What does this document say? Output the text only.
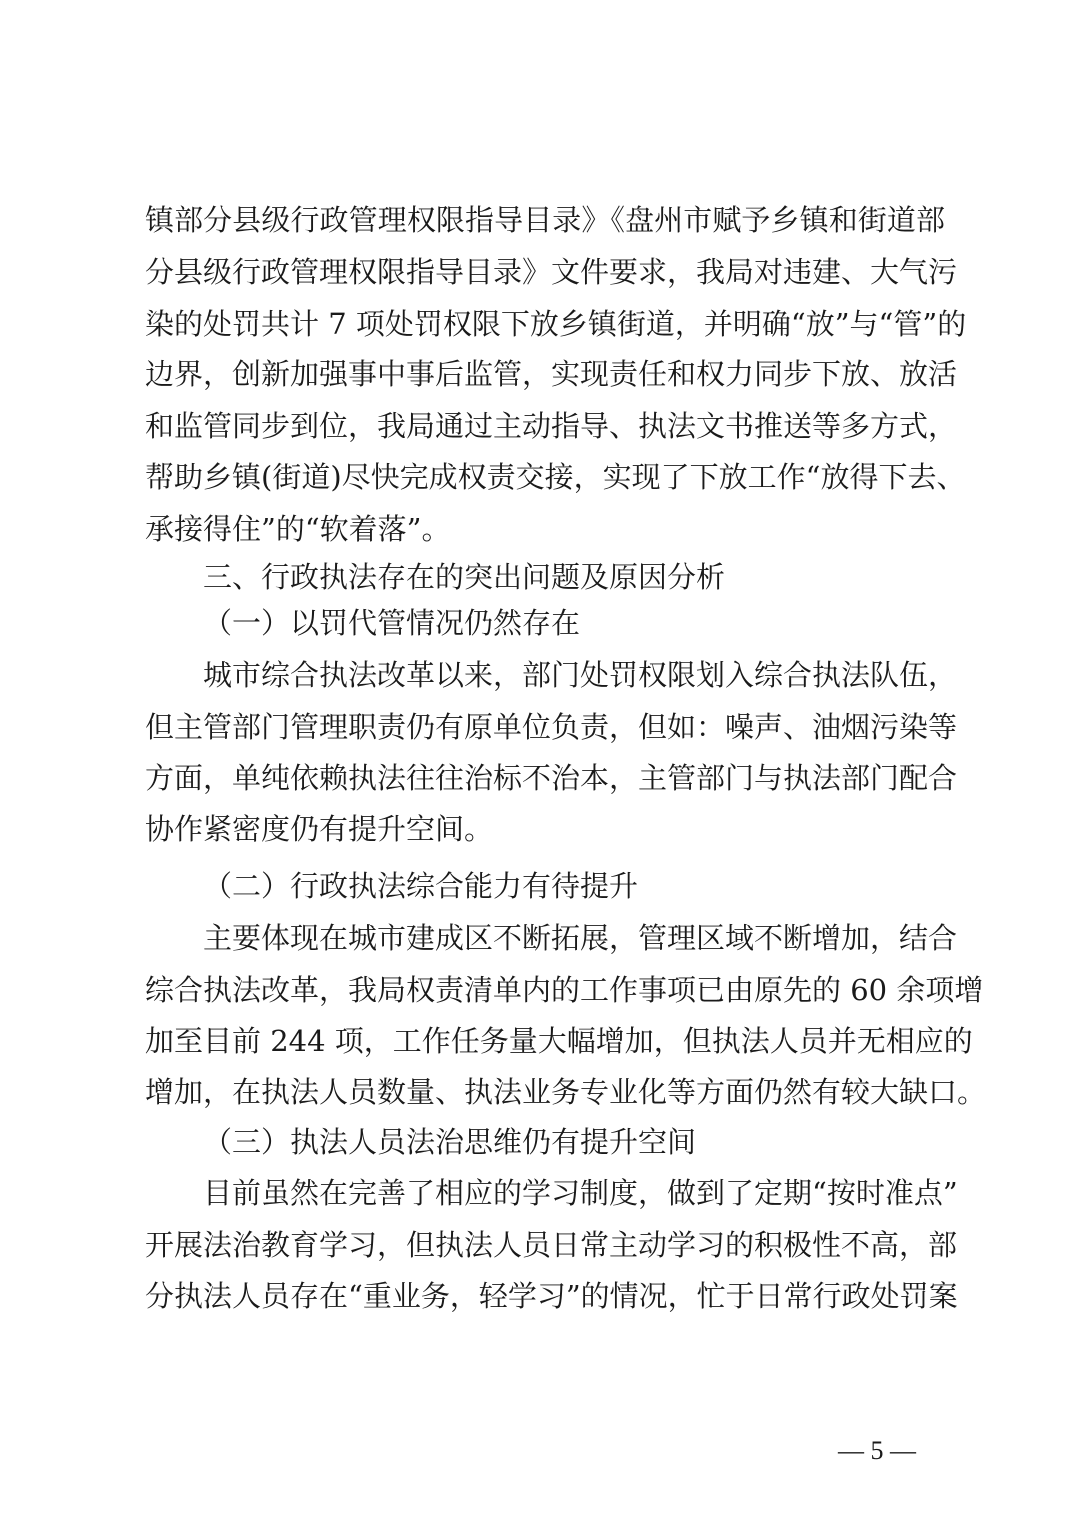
镇部分县级行政管理权限指导目录》《盘州市赋予乡镇和街道部
分县级行政管理权限指导目录》文件要求，我局对违建、大气污
染的处罚共计 7 项处罚权限下放乡镇街道，并明确“放”与“管”的
边界，创新加强事中事后监管，实现责任和权力同步下放、放活
和监管同步到位，我局通过主动指导、执法文书推送等多方式，
帮助乡镇(街道)尽快完成权责交接，实现了下放工作“放得下去、
承接得住”的“软着落”。
三、行政执法存在的突出问题及原因分析
（一）以罚代管情况仍然存在
城市综合执法改革以来，部门处罚权限划入综合执法队伍，
但主管部门管理职责仍有原单位负责，但如：噪声、油烟污染等
方面，单纯依赖执法往往治标不治本，主管部门与执法部门配合
协作紧密度仍有提升空间。
（二）行政执法综合能力有待提升
主要体现在城市建成区不断拓展，管理区域不断增加，结合
综合执法改革，我局权责清单内的工作事项已由原先的 60 余项增
加至目前 244 项，工作任务量大幅增加，但执法人员并无相应的
增加，在执法人员数量、执法业务专业化等方面仍然有较大缺口。
（三）执法人员法治思维仍有提升空间
目前虽然在完善了相应的学习制度，做到了定期“按时准点”
开展法治教育学习，但执法人员日常主动学习的积极性不高，部
分执法人员存在“重业务，轻学习”的情况，忙于日常行政处罚案
— 5 —
